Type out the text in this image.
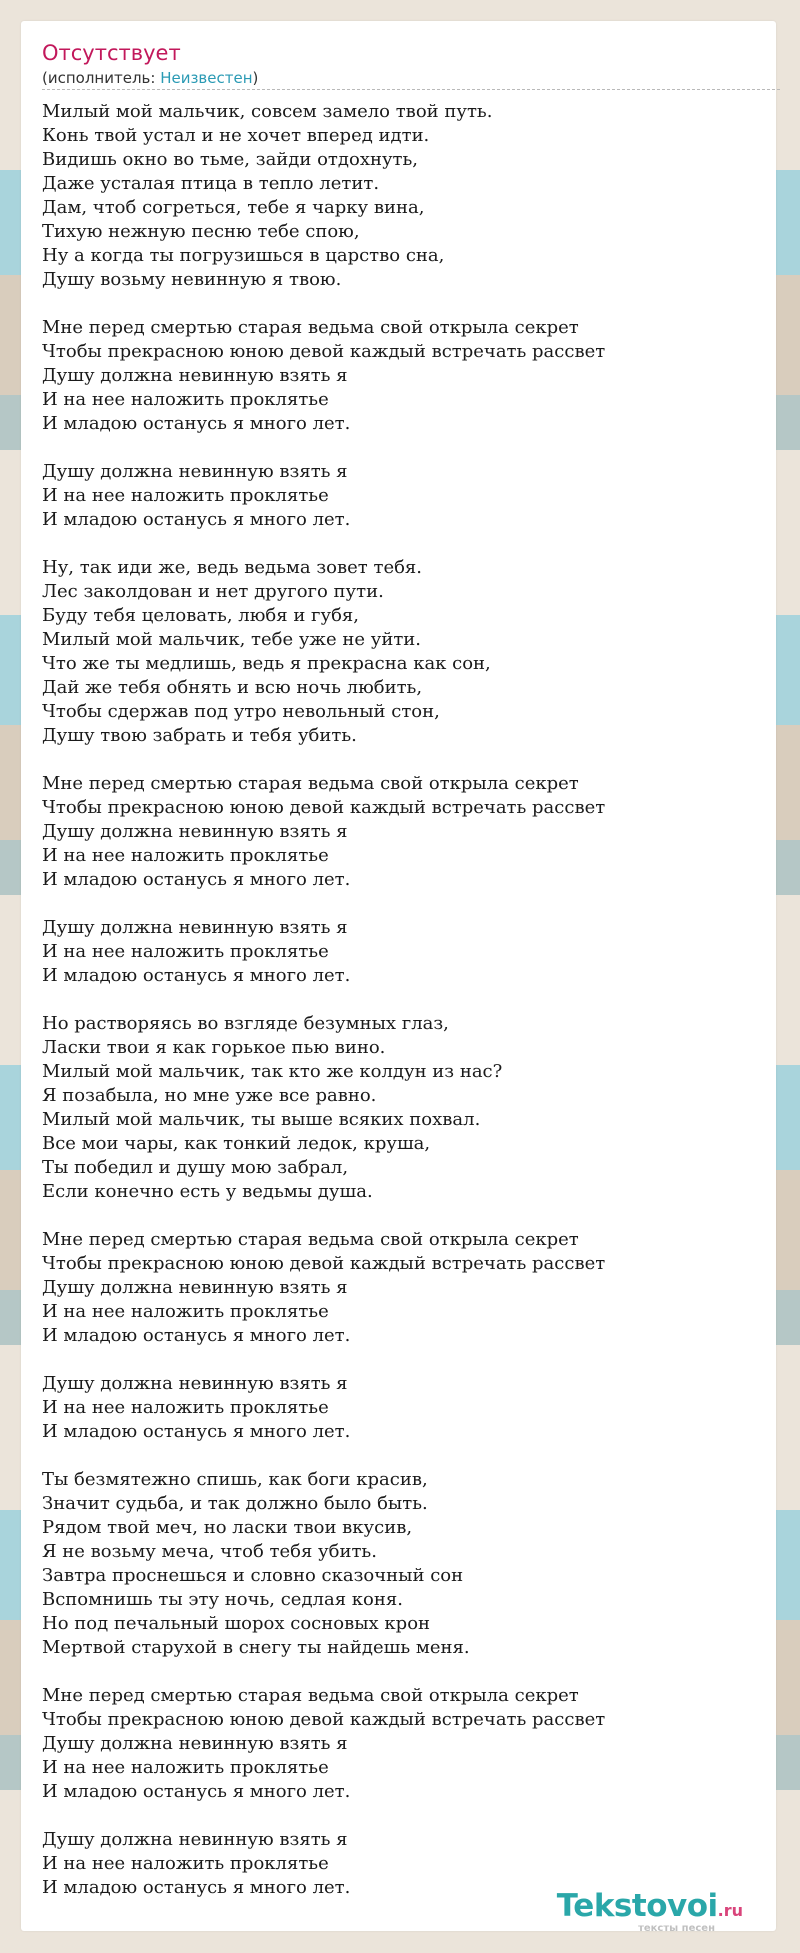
Отсутствует
(исполнитель: Неизвестен)
Милый мой мальчик, совсем замело твой путь.
Конь твой устал и не хочет вперед идти.
Видишь окно во тьме, зайди отдохнуть,
Даже усталая птица в тепло летит.
Дам, чтоб согреться, тебе я чарку вина,
Тихую нежную песню тебе спою,
Ну а когда ты погрузишься в царство сна,
Душу возьму невинную я твою.
Мне перед смертью старая ведьма свой открыла секрет
Чтобы прекрасною юною девой каждый встречать рассвет
Душу должна невинную взять я
И на нее наложить проклятье
И младою останусь я много лет.
Душу должна невинную взять я
И на нее наложить проклятье
И младою останусь я много лет.
Ну, так иди же, ведь ведьма зовет тебя.
Лес заколдован и нет другого пути.
Буду тебя целовать, любя и губя,
Милый мой мальчик, тебе уже не уйти.
Что же ты медлишь, ведь я прекрасна как сон,
Дай же тебя обнять и всю ночь любить,
Чтобы сдержав под утро невольный стон,
Душу твою забрать и тебя убить.
Мне перед смертью старая ведьма свой открыла секрет
Чтобы прекрасною юною девой каждый встречать рассвет
Душу должна невинную взять я
И на нее наложить проклятье
И младою останусь я много лет.
Душу должна невинную взять я
И на нее наложить проклятье
И младою останусь я много лет.
Но растворяясь во взгляде безумных глаз,
Ласки твои я как горькое пью вино.
Милый мой мальчик, так кто же колдун из нас?
Я позабыла, но мне уже все равно.
Милый мой мальчик, ты выше всяких похвал.
Все мои чары, как тонкий ледок, круша,
Ты победил и душу мою забрал,
Если конечно есть у ведьмы душа.
Мне перед смертью старая ведьма свой открыла секрет
Чтобы прекрасною юною девой каждый встречать рассвет
Душу должна невинную взять я
И на нее наложить проклятье
И младою останусь я много лет.
Душу должна невинную взять я
И на нее наложить проклятье
И младою останусь я много лет.
Ты безмятежно спишь, как боги красив,
Значит судьба, и так должно было быть.
Рядом твой меч, но ласки твои вкусив,
Я не возьму меча, чтоб тебя убить.
Завтра проснешься и словно сказочный сон
Вспомнишь ты эту ночь, седлая коня.
Но под печальный шорох сосновых крон
Мертвой старухой в снегу ты найдешь меня.
Мне перед смертью старая ведьма свой открыла секрет
Чтобы прекрасною юною девой каждый встречать рассвет
Душу должна невинную взять я
И на нее наложить проклятье
И младою останусь я много лет.
Душу должна невинную взять я
И на нее наложить проклятье
И младою останусь я много лет.
Tekstovoi.ru
тексты песен
